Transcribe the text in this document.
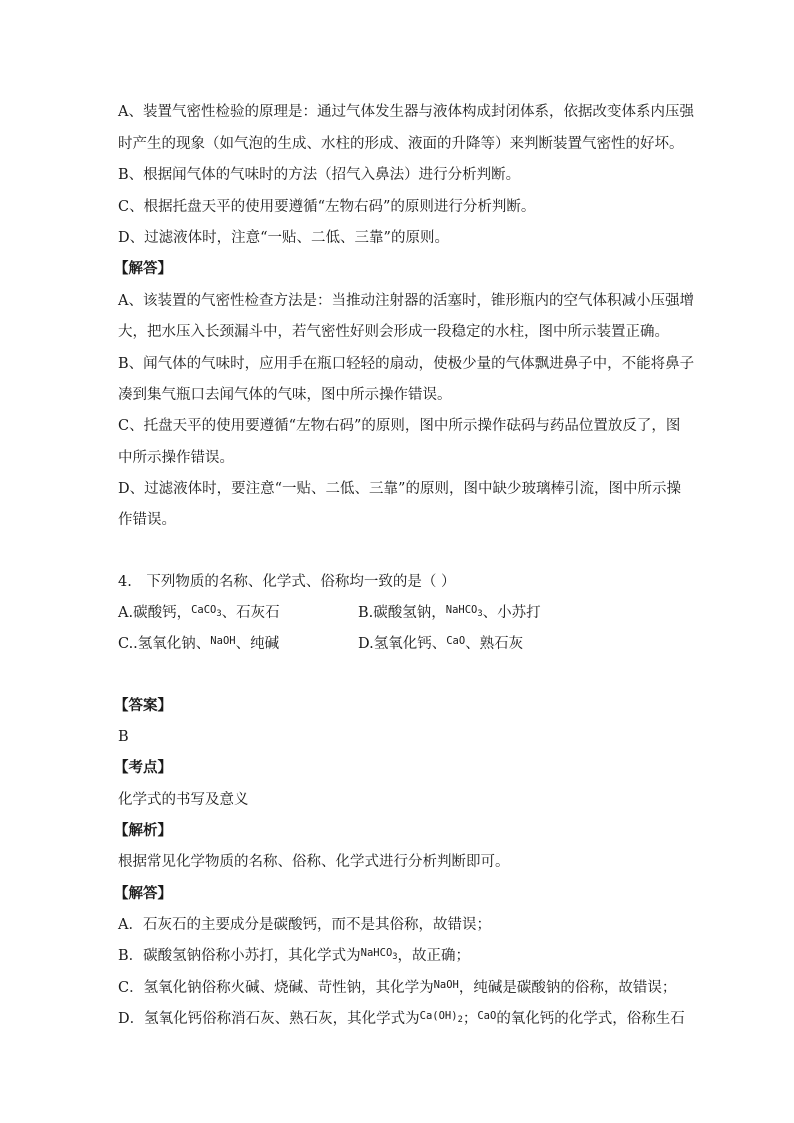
A、装置气密性检验的原理是：通过气体发生器与液体构成封闭体系，依据改变体系内压强
时产生的现象（如气泡的生成、水柱的形成、液面的升降等）来判断装置气密性的好坏。
B、根据闻气体的气味时的方法（招气入鼻法）进行分析判断。
C、根据托盘天平的使用要遵循“左物右码”的原则进行分析判断。
D、过滤液体时，注意“一贴、二低、三靠”的原则。
【解答】
A、该装置的气密性检查方法是：当推动注射器的活塞时，锥形瓶内的空气体积减小压强增
大，把水压入长颈漏斗中，若气密性好则会形成一段稳定的水柱，图中所示装置正确。
B、闻气体的气味时，应用手在瓶口轻轻的扇动，使极少量的气体飘进鼻子中，不能将鼻子
凑到集气瓶口去闻气体的气味，图中所示操作错误。
C、托盘天平的使用要遵循“左物右码”的原则，图中所示操作砝码与药品位置放反了，图
中所示操作错误。
D、过滤液体时，要注意“一贴、二低、三靠”的原则，图中缺少玻璃棒引流，图中所示操
作错误。
4.　下列物质的名称、化学式、俗称均一致的是（ ）
A.碳酸钙，$^{CaCO_3}$、石灰石	B.碳酸氢钠，$^{NaHCO_3}$、小苏打
C..氢氧化钠、$^{NaOH}$、纯碱	D.氢氧化钙、$^{CaO}$、熟石灰
【答案】
B
【考点】
化学式的书写及意义
【解析】
根据常见化学物质的名称、俗称、化学式进行分析判断即可。
【解答】
A．石灰石的主要成分是碳酸钙，而不是其俗称，故错误；
B．碳酸氢钠俗称小苏打，其化学式为$^{NaHCO_3}$，故正确；
C．氢氧化钠俗称火碱、烧碱、苛性钠，其化学为$^{NaOH}$，纯碱是碳酸钠的俗称，故错误；
D．氢氧化钙俗称消石灰、熟石灰，其化学式为$^{Ca(OH)_2}$；$^{CaO}$的氧化钙的化学式，俗称生石
